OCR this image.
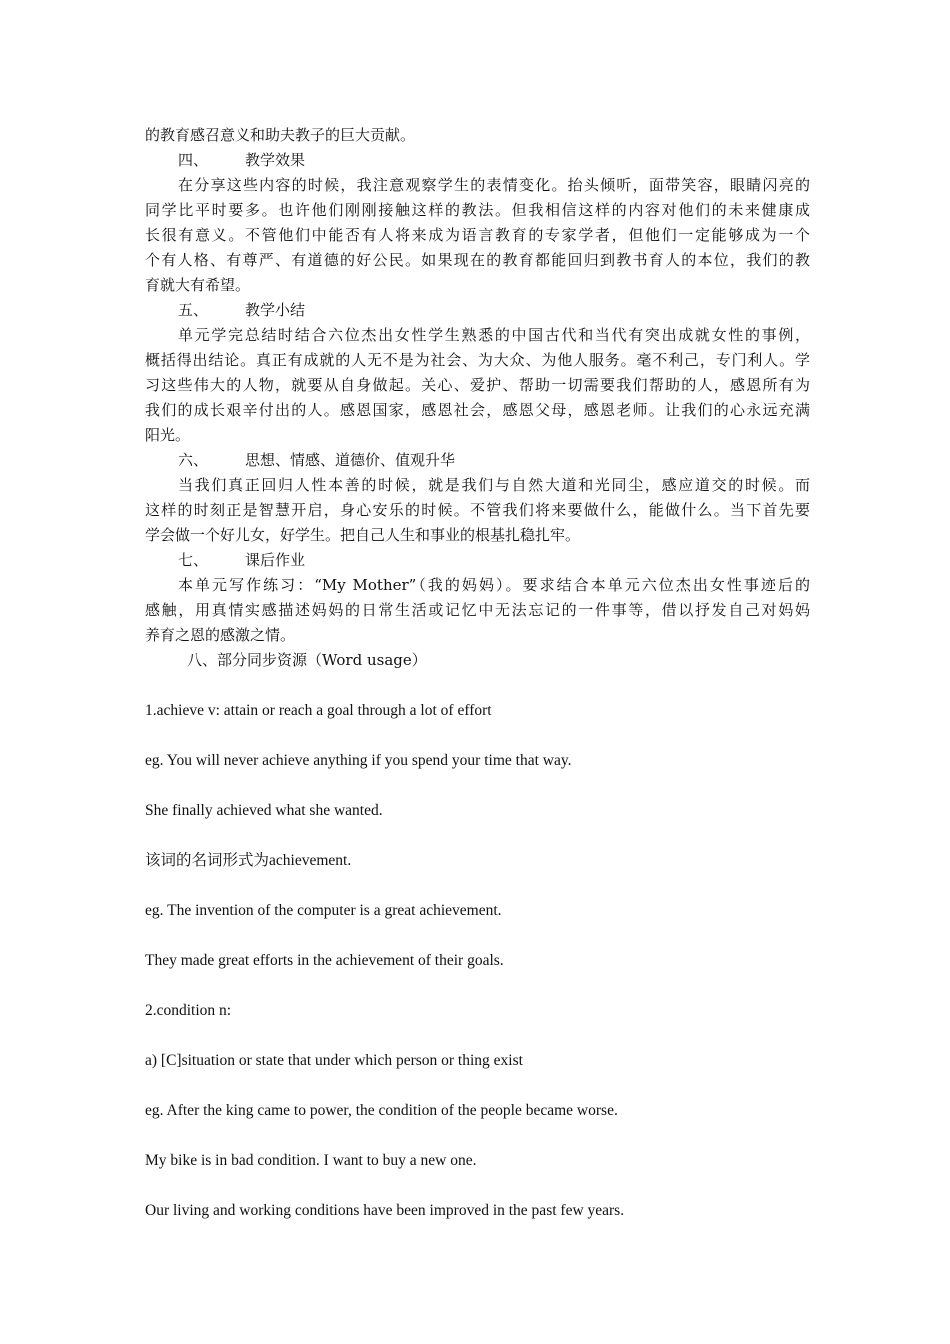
的教育感召意义和助夫教子的巨大贡献。
四、 教学效果
在分享这些内容的时候，我注意观察学生的表情变化。抬头倾听，面带笑容，眼睛闪亮的
同学比平时要多。也许他们刚刚接触这样的教法。但我相信这样的内容对他们的未来健康成
长很有意义。不管他们中能否有人将来成为语言教育的专家学者，但他们一定能够成为一个
个有人格、有尊严、有道德的好公民。如果现在的教育都能回归到教书育人的本位，我们的教
育就大有希望。
五、 教学小结
单元学完总结时结合六位杰出女性学生熟悉的中国古代和当代有突出成就女性的事例，
概括得出结论。真正有成就的人无不是为社会、为大众、为他人服务。毫不利己，专门利人。学
习这些伟大的人物，就要从自身做起。关心、爱护、帮助一切需要我们帮助的人，感恩所有为
我们的成长艰辛付出的人。感恩国家，感恩社会，感恩父母，感恩老师。让我们的心永远充满
阳光。
六、 思想、情感、道德价、值观升华
当我们真正回归人性本善的时候，就是我们与自然大道和光同尘，感应道交的时候。而
这样的时刻正是智慧开启，身心安乐的时候。不管我们将来要做什么，能做什么。当下首先要
学会做一个好儿女，好学生。把自己人生和事业的根基扎稳扎牢。
七、 课后作业
本单元写作练习：“My Mother”（我的妈妈）。要求结合本单元六位杰出女性事迹后的
感触，用真情实感描述妈妈的日常生活或记忆中无法忘记的一件事等，借以抒发自己对妈妈
养育之恩的感激之情。
八、部分同步资源（Word usage）
1.achieve v: attain or reach a goal through a lot of effort
eg. You will never achieve anything if you spend your time that way.
She finally achieved what she wanted.
该词的名词形式为achievement.
eg. The invention of the computer is a great achievement.
They made great efforts in the achievement of their goals.
2.condition n:
a) [C]situation or state that under which person or thing exist
eg. After the king came to power, the condition of the people became worse.
My bike is in bad condition. I want to buy a new one.
Our living and working conditions have been improved in the past few years.
